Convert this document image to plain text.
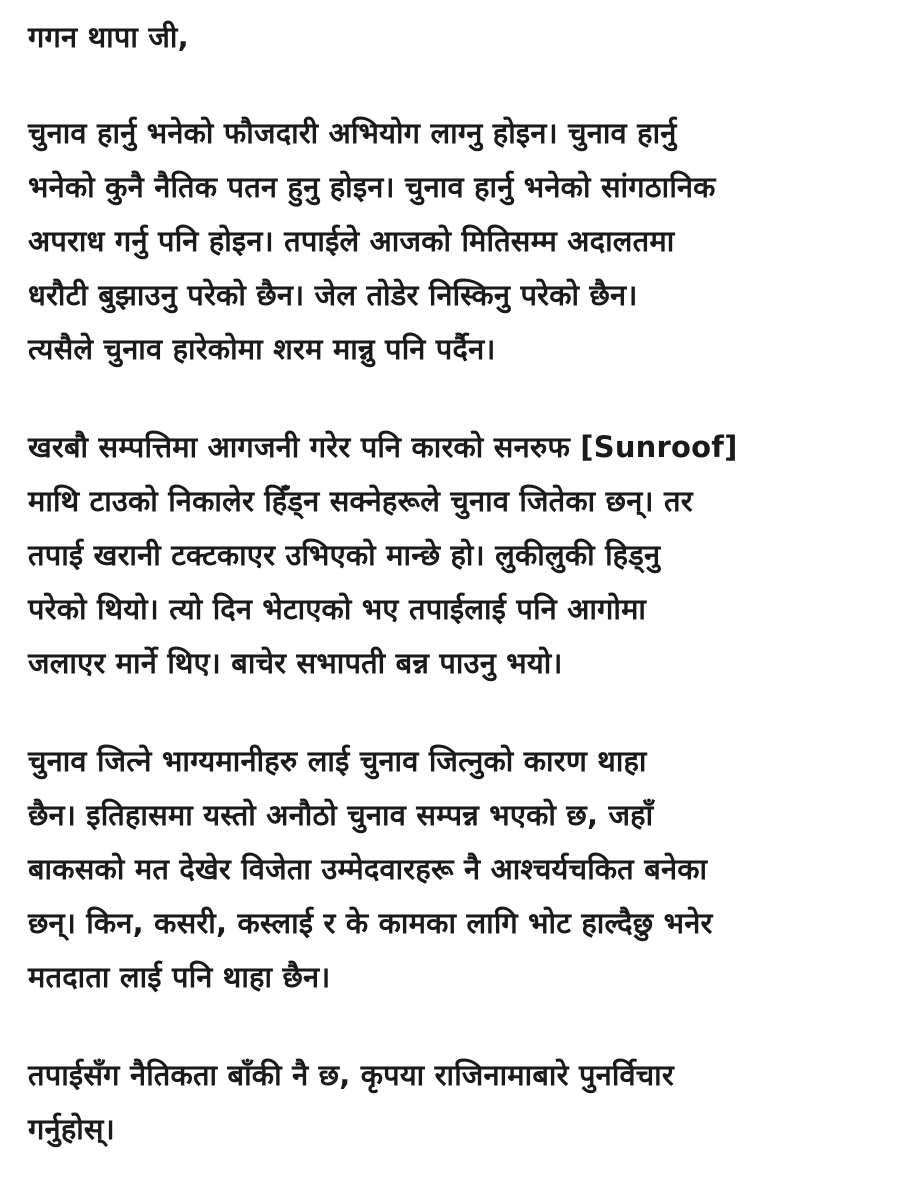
गगन थापा जी,
चुनाव हार्नु भनेको फौजदारी अभियोग लाग्नु होइन। चुनाव हार्नु
भनेको कुनै नैतिक पतन हुनु होइन। चुनाव हार्नु भनेको सांगठानिक
अपराध गर्नु पनि होइन। तपाईले आजको मितिसम्म अदालतमा
धरौटी बुझाउनु परेको छैन। जेल तोडेर निस्किनु परेको छैन।
त्यसैले चुनाव हारेकोमा शरम मान्नु पनि पर्दैन।
खरबौ सम्पत्तिमा आगजनी गरेर पनि कारको सनरुफ [Sunroof]
माथि टाउको निकालेर हिँड्न सक्नेहरूले चुनाव जितेका छन्। तर
तपाई खरानी टक्टकाएर उभिएको मान्छे हो। लुकीलुकी हिड्नु
परेको थियो। त्यो दिन भेटाएको भए तपाईलाई पनि आगोमा
जलाएर मार्ने थिए। बाचेर सभापती बन्न पाउनु भयो।
चुनाव जित्ने भाग्यमानीहरु लाई चुनाव जित्नुको कारण थाहा
छैन। इतिहासमा यस्तो अनौठो चुनाव सम्पन्न भएको छ, जहाँ
बाकसको मत देखेर विजेता उम्मेदवारहरू नै आश्चर्यचकित बनेका
छन्। किन, कसरी, कस्लाई र के कामका लागि भोट हाल्दैछु भनेर
मतदाता लाई पनि थाहा छैन।
तपाईसँग नैतिकता बाँकी नै छ, कृपया राजिनामाबारे पुनर्विचार
गर्नुहोस्।
